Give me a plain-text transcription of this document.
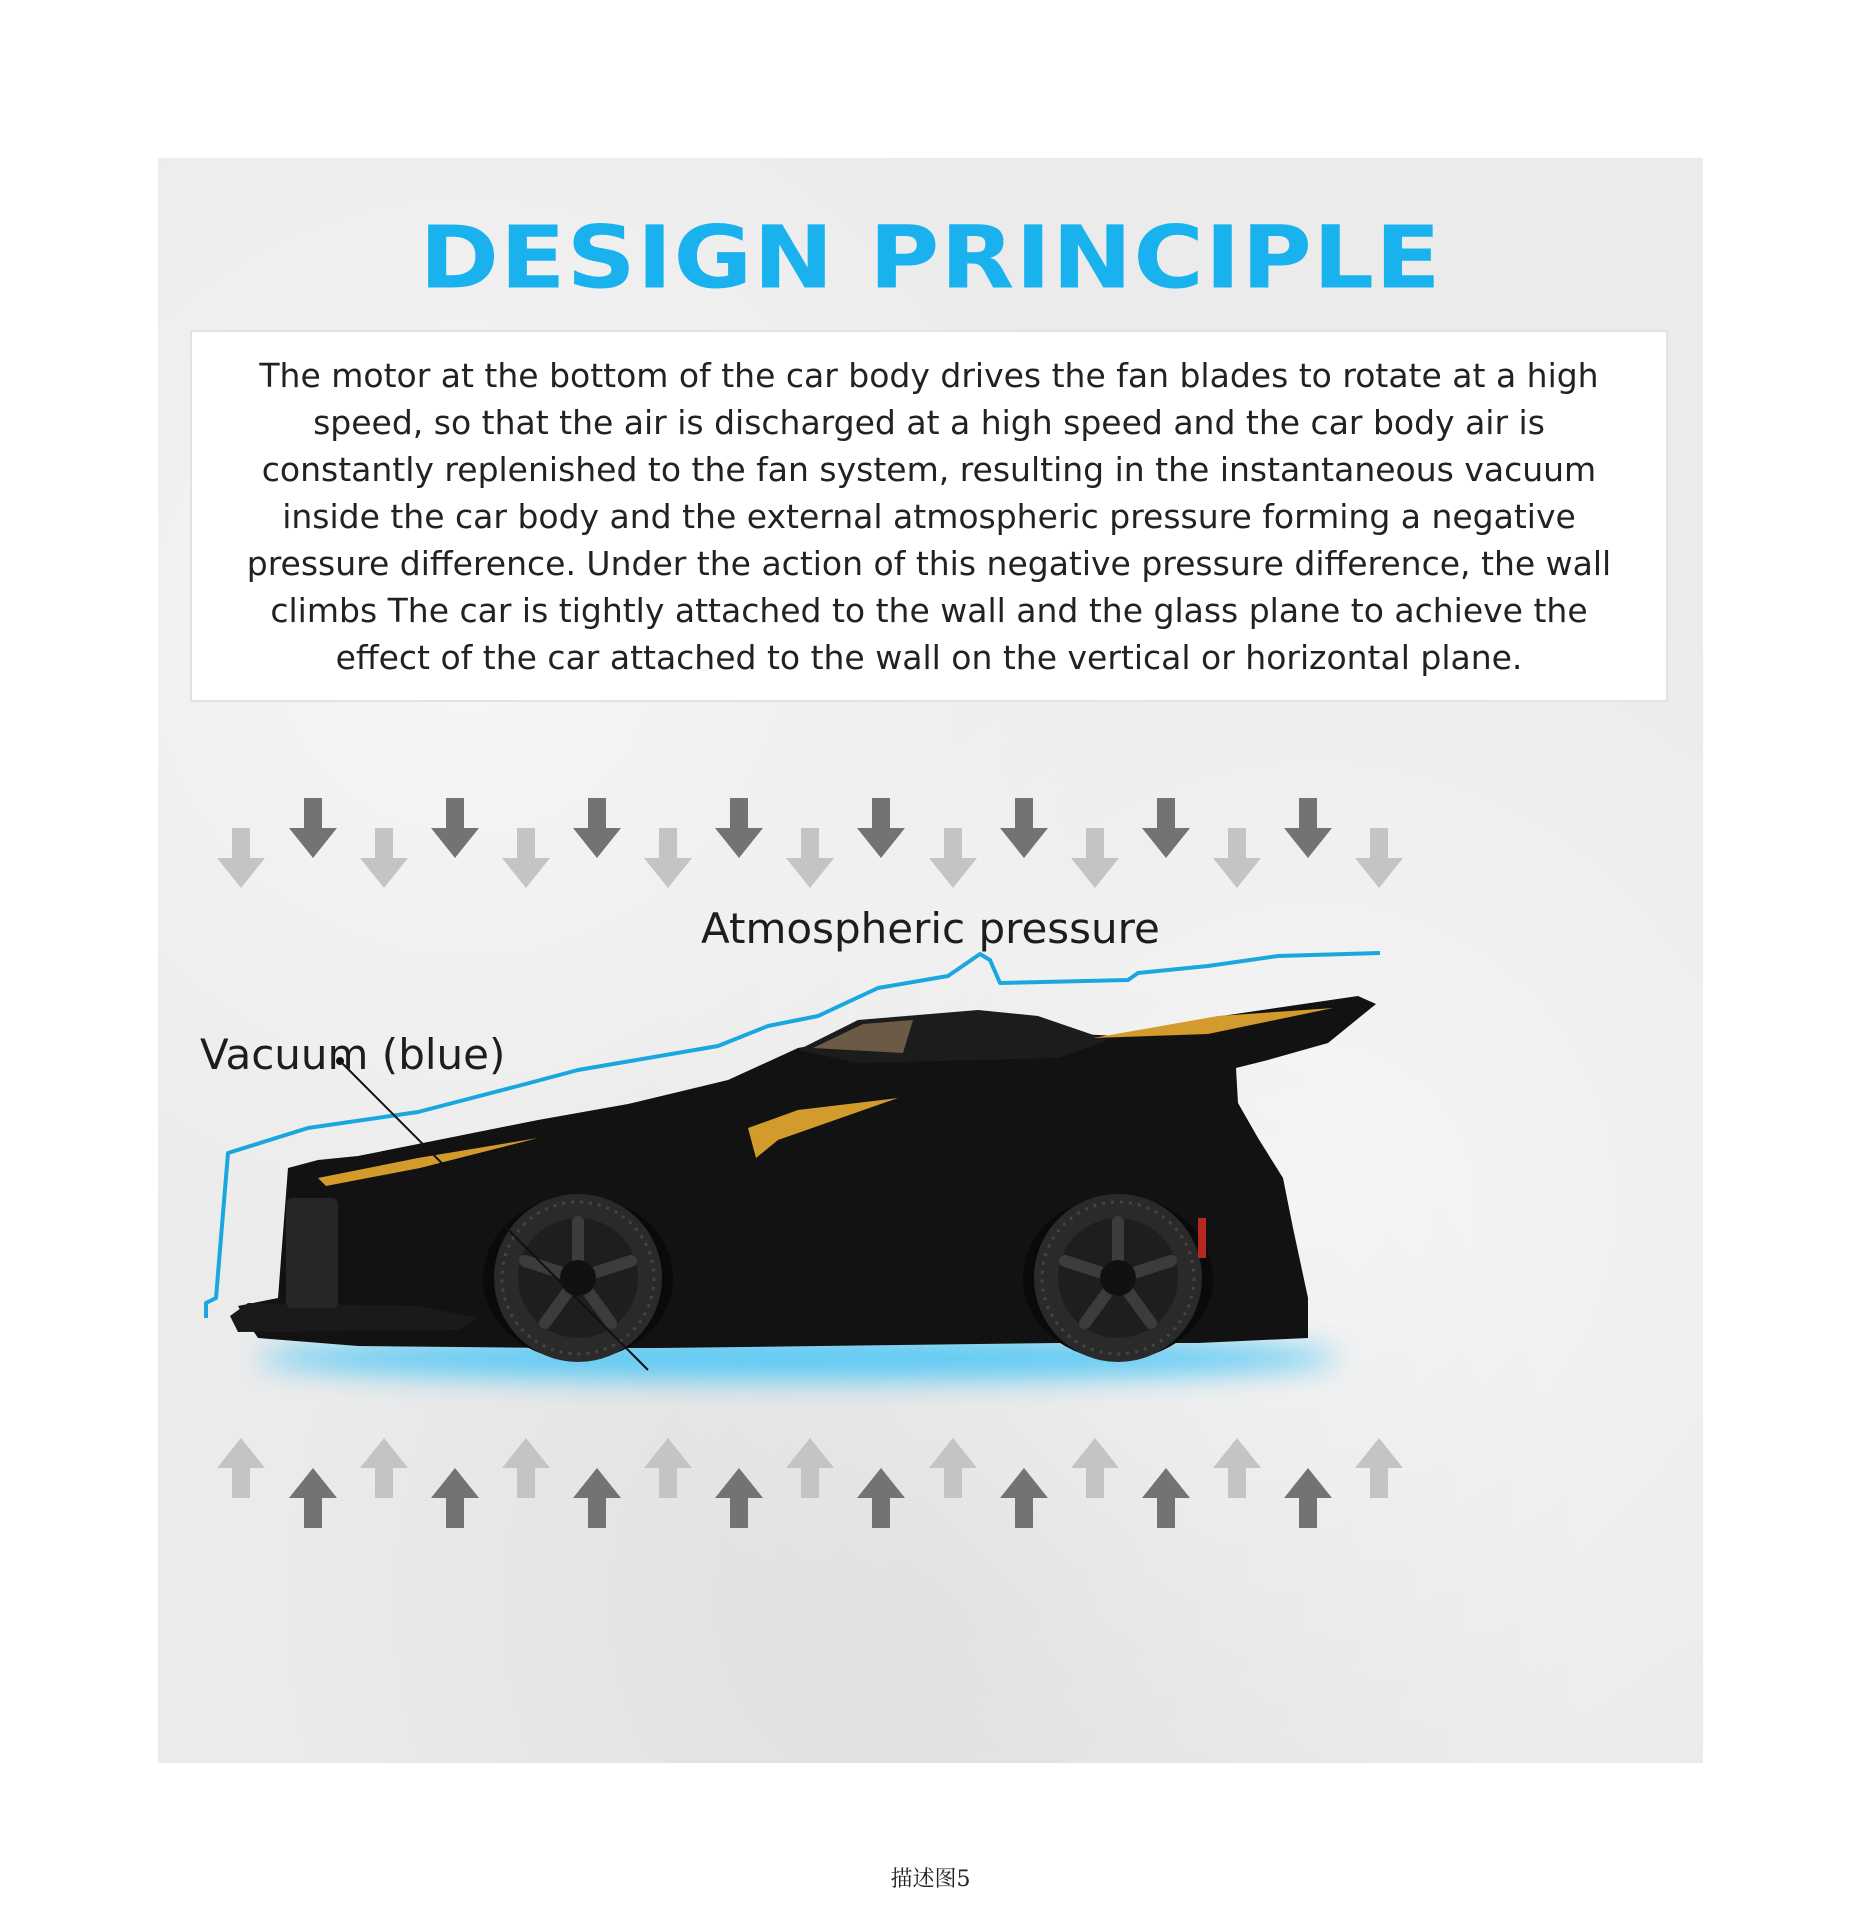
DESIGN PRINCIPLE
The motor at the bottom of the car body drives the fan blades to rotate at a high speed, so that the air is discharged at a high speed and the car body air is constantly replenished to the fan system, resulting in the instantaneous vacuum inside the car body and the external atmospheric pressure forming a negative pressure difference. Under the action of this negative pressure difference, the wall climbs The car is tightly attached to the wall and the glass plane to achieve the effect of the car attached to the wall on the vertical or horizontal plane.
Atmospheric pressure
Vacuum (blue)
描述图5
